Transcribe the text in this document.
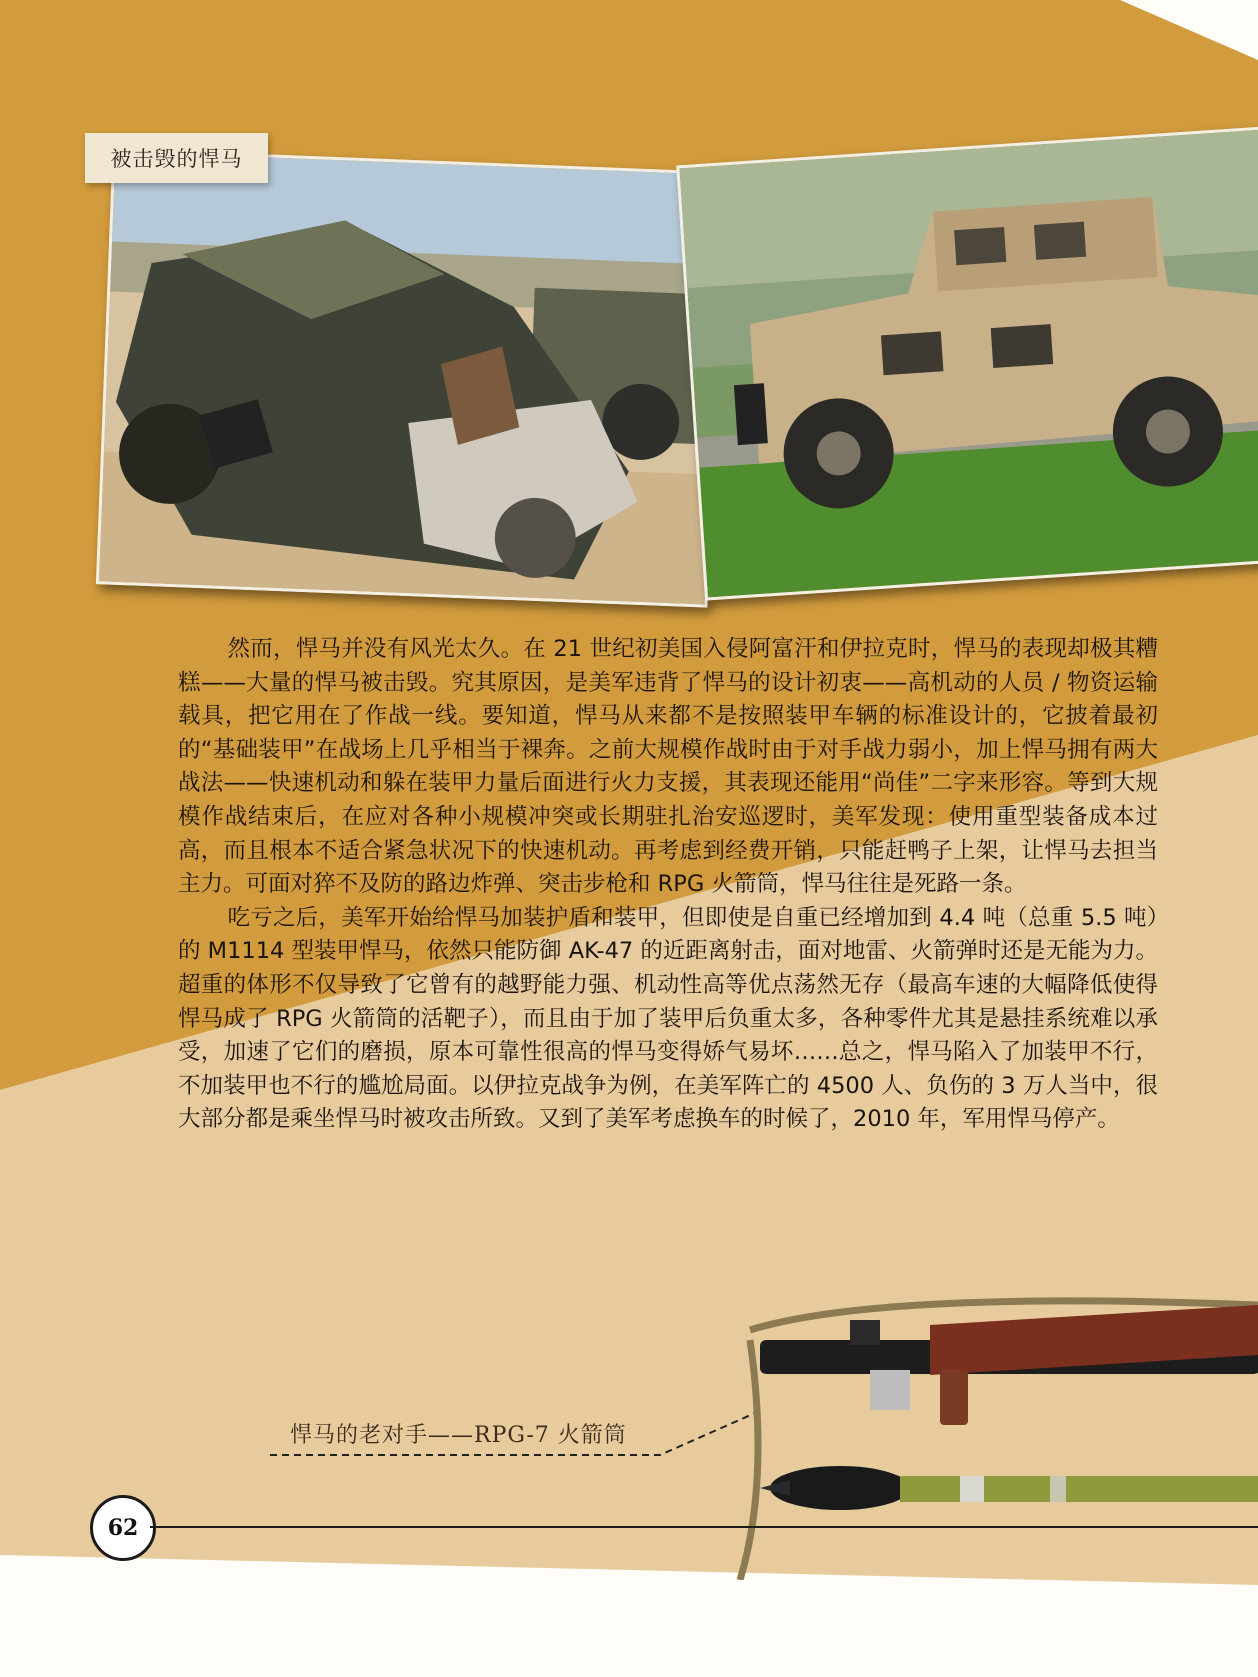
被击毁的悍马

然而，悍马并没有风光太久。在 21 世纪初美国入侵阿富汗和伊拉克时，悍马的表现却极其糟糕——大量的悍马被击毁。究其原因，是美军违背了悍马的设计初衷——高机动的人员 / 物资运输载具，把它用在了作战一线。要知道，悍马从来都不是按照装甲车辆的标准设计的，它披着最初的“基础装甲”在战场上几乎相当于裸奔。之前大规模作战时由于对手战力弱小，加上悍马拥有两大战法——快速机动和躲在装甲力量后面进行火力支援，其表现还能用“尚佳”二字来形容。等到大规模作战结束后，在应对各种小规模冲突或长期驻扎治安巡逻时，美军发现：使用重型装备成本过高，而且根本不适合紧急状况下的快速机动。再考虑到经费开销，只能赶鸭子上架，让悍马去担当主力。可面对猝不及防的路边炸弹、突击步枪和 RPG 火箭筒，悍马往往是死路一条。

吃亏之后，美军开始给悍马加装护盾和装甲，但即使是自重已经增加到 4.4 吨（总重 5.5 吨）的 M1114 型装甲悍马，依然只能防御 AK-47 的近距离射击，面对地雷、火箭弹时还是无能为力。超重的体形不仅导致了它曾有的越野能力强、机动性高等优点荡然无存（最高车速的大幅降低使得悍马成了 RPG 火箭筒的活靶子），而且由于加了装甲后负重太多，各种零件尤其是悬挂系统难以承受，加速了它们的磨损，原本可靠性很高的悍马变得娇气易坏……总之，悍马陷入了加装甲不行，不加装甲也不行的尴尬局面。以伊拉克战争为例，在美军阵亡的 4500 人、负伤的 3 万人当中，很大部分都是乘坐悍马时被攻击所致。又到了美军考虑换车的时候了，2010 年，军用悍马停产。

悍马的老对手——RPG-7 火箭筒
62
